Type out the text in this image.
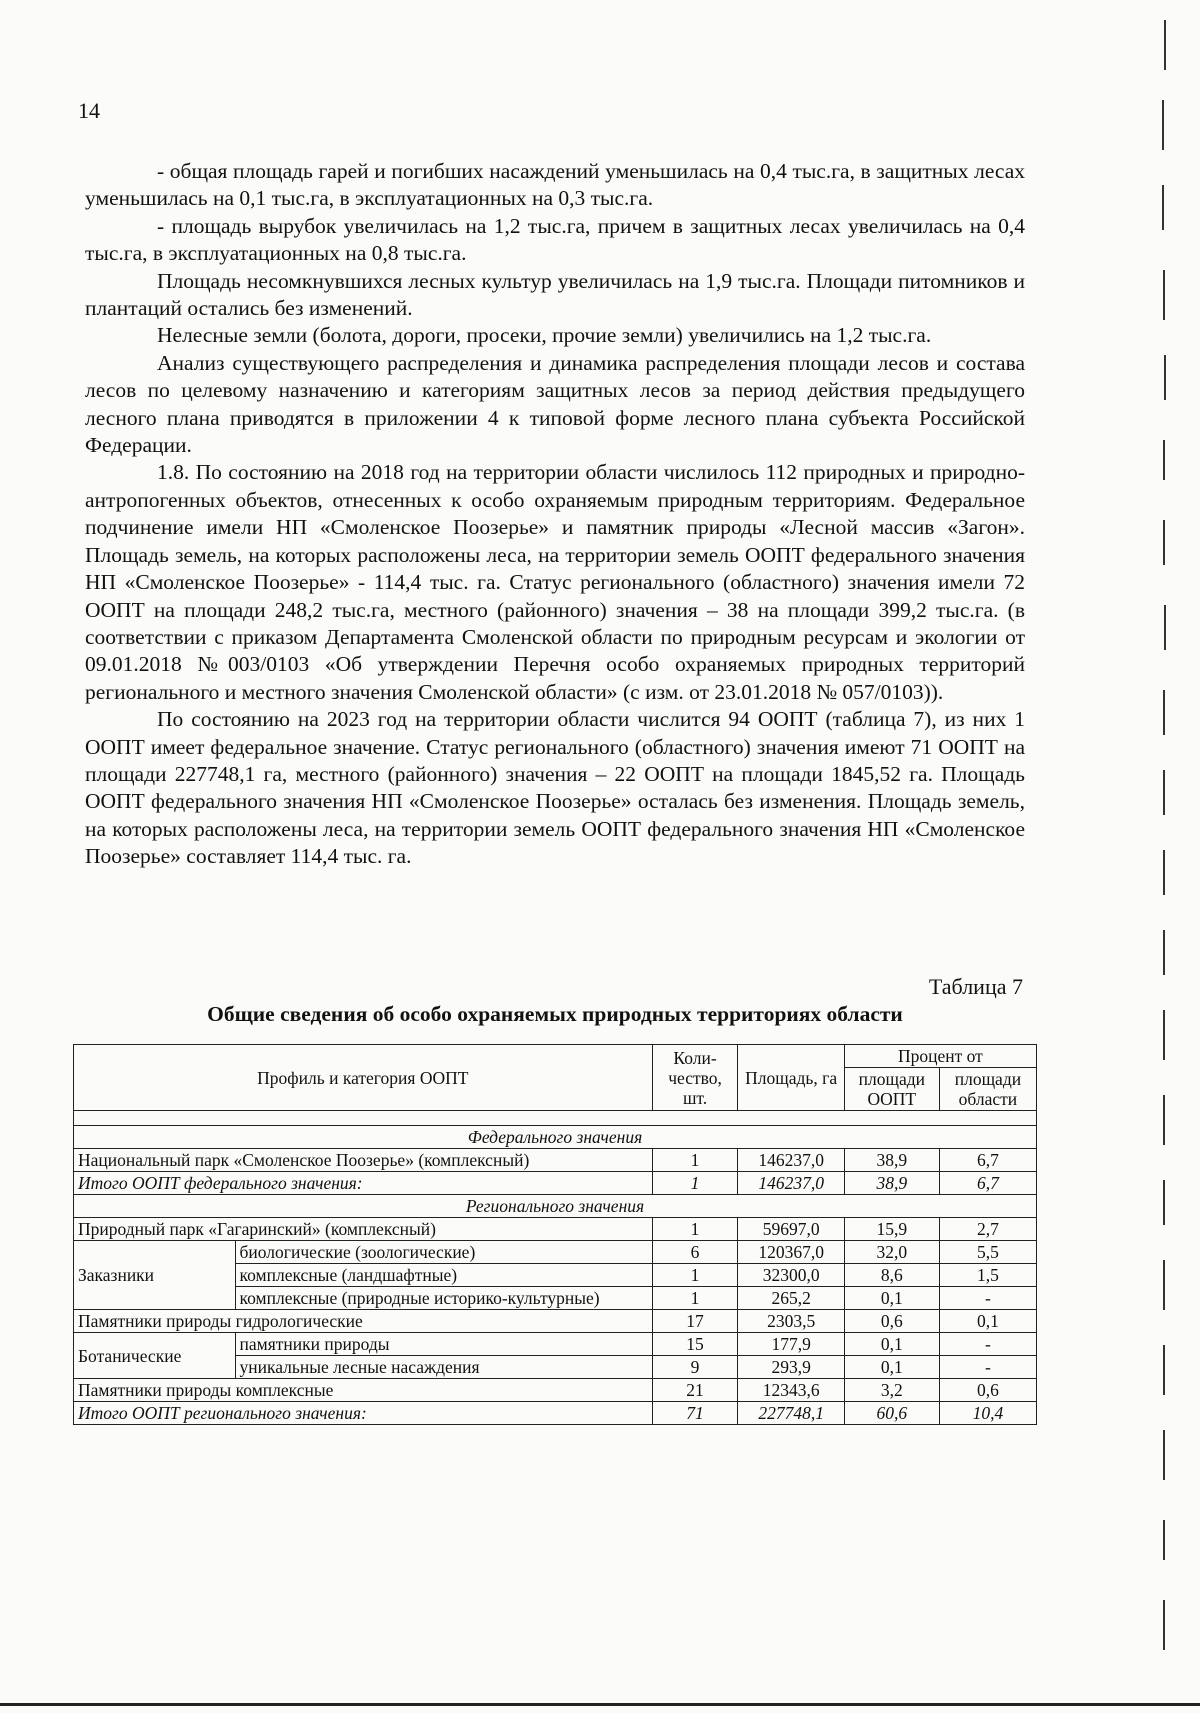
14

- общая площадь гарей и погибших насаждений уменьшилась на 0,4 тыс.га, в защитных лесах уменьшилась на 0,1 тыс.га, в эксплуатационных на 0,3 тыс.га.

- площадь вырубок увеличилась на 1,2 тыс.га, причем в защитных лесах увеличилась на 0,4 тыс.га, в эксплуатационных на 0,8 тыс.га.

Площадь несомкнувшихся лесных культур увеличилась на 1,9 тыс.га. Площади питомников и плантаций остались без изменений.

Нелесные земли (болота, дороги, просеки, прочие земли) увеличились на 1,2 тыс.га.

Анализ существующего распределения и динамика распределения площади лесов и состава лесов по целевому назначению и категориям защитных лесов за период действия предыдущего лесного плана приводятся в приложении 4 к типовой форме лесного плана субъекта Российской Федерации.

1.8. По состоянию на 2018 год на территории области числилось 112 природных и природно-антропогенных объектов, отнесенных к особо охраняемым природным территориям. Федеральное подчинение имели НП «Смоленское Поозерье» и памятник природы «Лесной массив «Загон». Площадь земель, на которых расположены леса, на территории земель ООПТ федерального значения НП «Смоленское Поозерье» - 114,4 тыс. га. Статус регионального (областного) значения имели 72 ООПТ на площади 248,2 тыс.га, местного (районного) значения – 38 на площади 399,2 тыс.га. (в соответствии с приказом Департамента Смоленской области по природным ресурсам и экологии от 09.01.2018 №003/0103 «Об утверждении Перечня особо охраняемых природных территорий регионального и местного значения Смоленской области» (с изм. от 23.01.2018 № 057/0103)).

По состоянию на 2023 год на территории области числится 94 ООПТ (таблица 7), из них 1 ООПТ имеет федеральное значение. Статус регионального (областного) значения имеют 71 ООПТ на площади 227748,1 га, местного (районного) значения – 22 ООПТ на площади 1845,52 га. Площадь ООПТ федерального значения НП «Смоленское Поозерье» осталась без изменения. Площадь земель, на которых расположены леса, на территории земель ООПТ федерального значения НП «Смоленское Поозерье» составляет 114,4 тыс. га.

Таблица 7
Общие сведения об особо охраняемых природных территориях области
Профиль и категория ООПТ		Коли-чество, шт.	Площадь, га	Процент от	
				площади ООПТ	площади области

Федерального значения					
Национальный парк «Смоленское Поозерье» (комплексный)		1	146237,0	38,9	6,7
Итого ООПТ федерального значения:		1	146237,0	38,9	6,7
Регионального значения					
Природный парк «Гагаринский» (комплексный)		1	59697,0	15,9	2,7
Заказники	биологические (зоологические)	6	120367,0	32,0	5,5
	комплексные (ландшафтные)	1	32300,0	8,6	1,5
	комплексные (природные историко-культурные)	1	265,2	0,1	-
Памятники природы гидрологические		17	2303,5	0,6	0,1
Ботанические	памятники природы	15	177,9	0,1	-
	уникальные лесные насаждения	9	293,9	0,1	-
Памятники природы комплексные		21	12343,6	3,2	0,6
Итого ООПТ регионального значения:		71	227748,1	60,6	10,4
